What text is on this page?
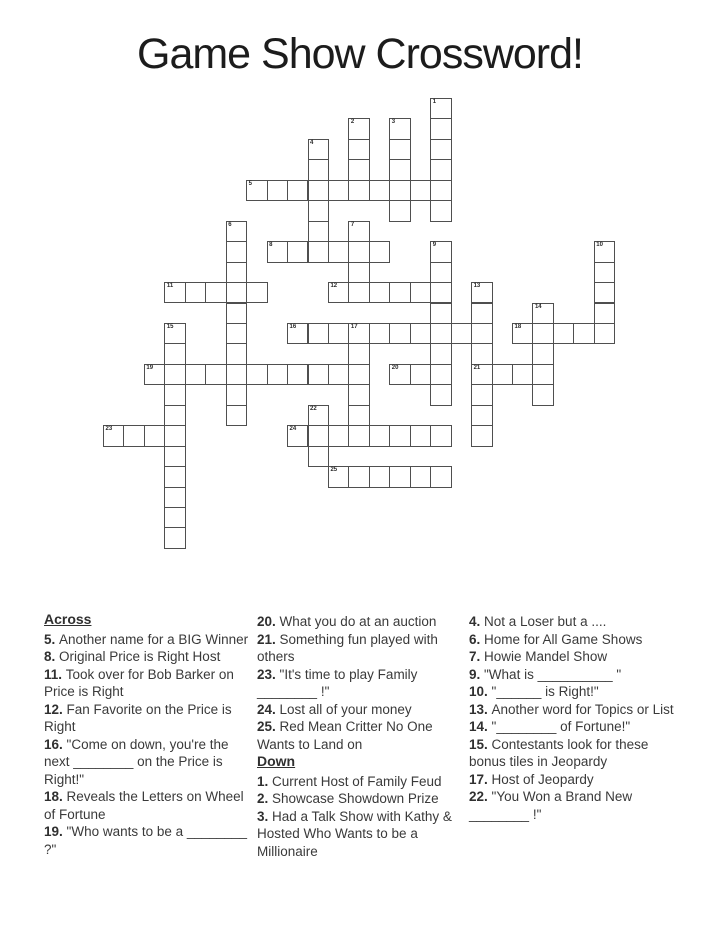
Game Show Crossword!
1
2	3
4
5
6	7
8	9	10
11	12	13
21
14
15	16	17	18
19	20
22
23	24
25
Across
5. Another name for a BIG Winner
8. Original Price is Right Host
11. Took over for Bob Barker on Price is Right
12. Fan Favorite on the Price is Right
16. "Come on down, you're the next ________ on the Price is Right!"
18. Reveals the Letters on Wheel of Fortune
19. "Who wants to be a ________ ?"
20. What you do at an auction
21. Something fun played with others
23. "It's time to play Family ________ !"
24. Lost all of your money
25. Red Mean Critter No One Wants to Land on
Down
1. Current Host of Family Feud
2. Showcase Showdown Prize
3. Had a Talk Show with Kathy & Hosted Who Wants to be a Millionaire
4. Not a Loser but a ....
6. Home for All Game Shows
7. Howie Mandel Show
9. "What is __________ "
10. "______ is Right!"
13. Another word for Topics or List
14. "________ of Fortune!"
15. Contestants look for these bonus tiles in Jeopardy
17. Host of Jeopardy
22. "You Won a Brand New ________ !"
